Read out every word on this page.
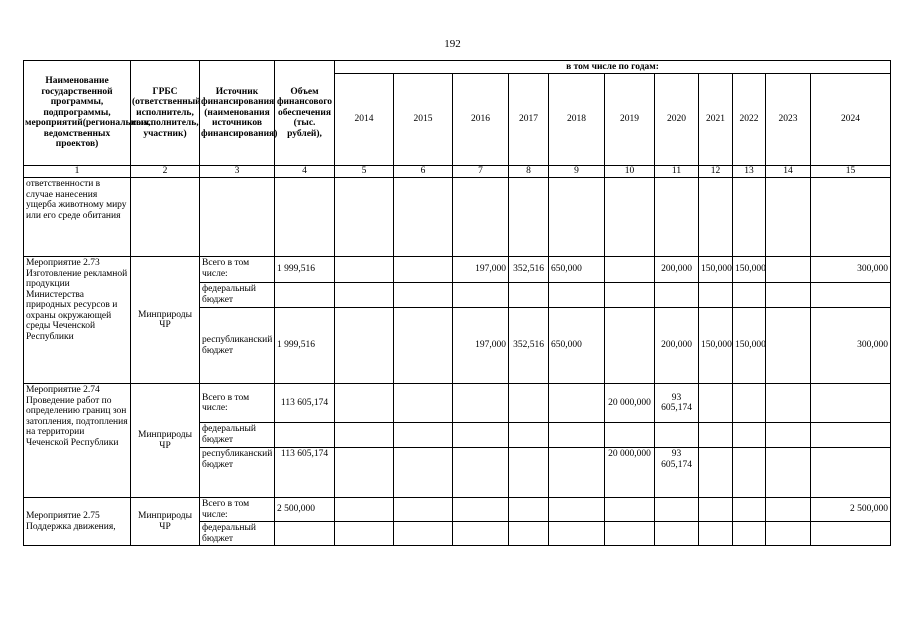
192
Наименование государственной программы, подпрограммы, мероприятий(региональных, ведомственных проектов)	ГРБС (ответственный исполнитель, соисполнитель, участник)	Источник финансирования (наименования источников финансирования)	Объем финансового обеспечения (тыс. рублей),	в том числе по годам:										
				2014	2015	2016	2017	2018	2019	2020	2021	2022	2023	2024
1	2	3	4	5	6	7	8	9	10	11	12	13	14	15
ответственности в случае нанесения ущерба животному миру или его среде обитания														
Мероприятие 2.73 Изготовление рекламной продукции Министерства природных ресурсов и охраны окружающей среды Чеченской Республики	Минприроды ЧР	Всего в том числе:	1 999,516			197,000	352,516	650,000		200,000	150,000	150,000		300,000
		федеральный бюджет												
		республиканский бюджет	1 999,516			197,000	352,516	650,000		200,000	150,000	150,000		300,000
Мероприятие 2.74 Проведение работ по определению границ зон затопления, подтопления на территории Чеченской Республики	Минприроды ЧР	Всего в том числе:	113 605,174						20 000,000	93 605,174				
		федеральный бюджет												
		республиканский бюджет	113 605,174						20 000,000	93 605,174				
Мероприятие 2.75 Поддержка движения,	Минприроды ЧР	Всего в том числе:	2 500,000											2 500,000
		федеральный бюджет												
